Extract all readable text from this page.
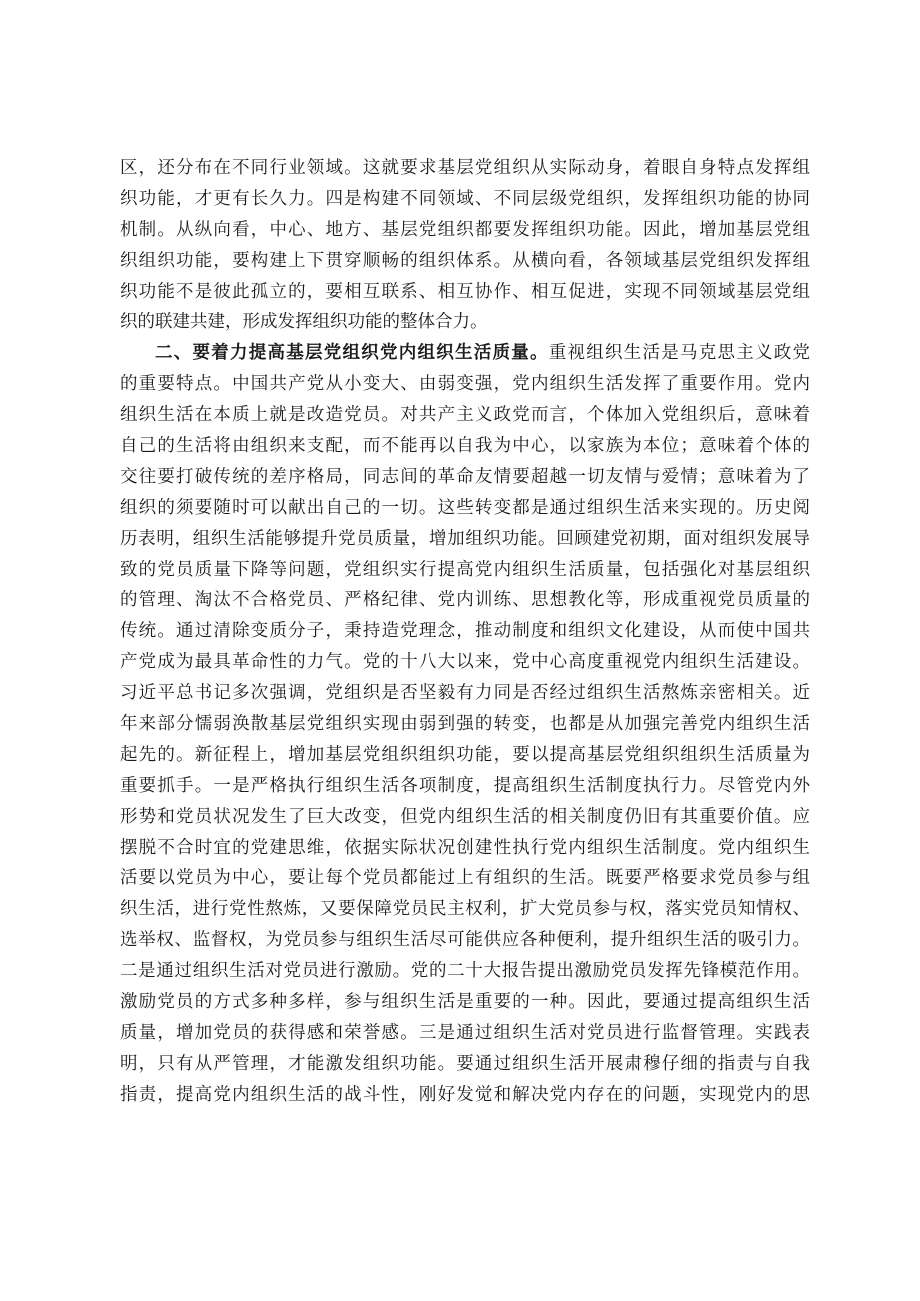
区，还分布在不同行业领域。这就要求基层党组织从实际动身，着眼自身特点发挥组
织功能，才更有长久力。四是构建不同领域、不同层级党组织，发挥组织功能的协同
机制。从纵向看，中心、地方、基层党组织都要发挥组织功能。因此，增加基层党组
织组织功能，要构建上下贯穿顺畅的组织体系。从横向看，各领域基层党组织发挥组
织功能不是彼此孤立的，要相互联系、相互协作、相互促进，实现不同领域基层党组
织的联建共建，形成发挥组织功能的整体合力。
二、要着力提高基层党组织党内组织生活质量。重视组织生活是马克思主义政党
的重要特点。中国共产党从小变大、由弱变强，党内组织生活发挥了重要作用。党内
组织生活在本质上就是改造党员。对共产主义政党而言，个体加入党组织后，意味着
自己的生活将由组织来支配，而不能再以自我为中心，以家族为本位；意味着个体的
交往要打破传统的差序格局，同志间的革命友情要超越一切友情与爱情；意味着为了
组织的须要随时可以献出自己的一切。这些转变都是通过组织生活来实现的。历史阅
历表明，组织生活能够提升党员质量，增加组织功能。回顾建党初期，面对组织发展导
致的党员质量下降等问题，党组织实行提高党内组织生活质量，包括强化对基层组织
的管理、淘汰不合格党员、严格纪律、党内训练、思想教化等，形成重视党员质量的
传统。通过清除变质分子，秉持造党理念，推动制度和组织文化建设，从而使中国共
产党成为最具革命性的力气。党的十八大以来，党中心高度重视党内组织生活建设。
习近平总书记多次强调，党组织是否坚毅有力同是否经过组织生活熬炼亲密相关。近
年来部分懦弱涣散基层党组织实现由弱到强的转变，也都是从加强完善党内组织生活
起先的。新征程上，增加基层党组织组织功能，要以提高基层党组织组织生活质量为
重要抓手。一是严格执行组织生活各项制度，提高组织生活制度执行力。尽管党内外
形势和党员状况发生了巨大改变，但党内组织生活的相关制度仍旧有其重要价值。应
摆脱不合时宜的党建思维，依据实际状况创建性执行党内组织生活制度。党内组织生
活要以党员为中心，要让每个党员都能过上有组织的生活。既要严格要求党员参与组
织生活，进行党性熬炼，又要保障党员民主权利，扩大党员参与权，落实党员知情权、
选举权、监督权，为党员参与组织生活尽可能供应各种便利，提升组织生活的吸引力。
二是通过组织生活对党员进行激励。党的二十大报告提出激励党员发挥先锋模范作用。
激励党员的方式多种多样，参与组织生活是重要的一种。因此，要通过提高组织生活
质量，增加党员的获得感和荣誉感。三是通过组织生活对党员进行监督管理。实践表
明，只有从严管理，才能激发组织功能。要通过组织生活开展肃穆仔细的指责与自我
指责，提高党内组织生活的战斗性，刚好发觉和解决党内存在的问题，实现党内的思
